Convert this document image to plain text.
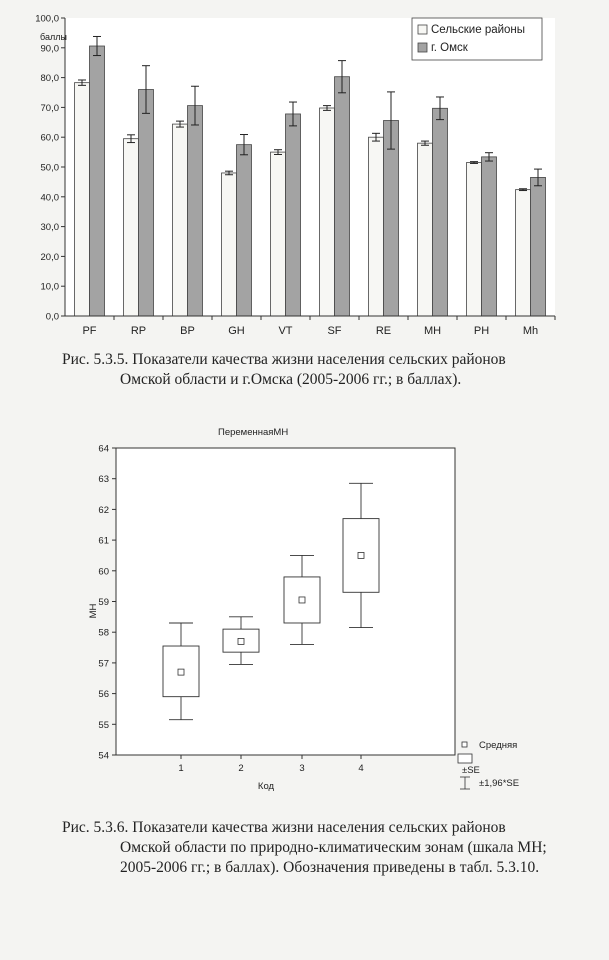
0,0
10,0
20,0
30,0
40,0
50,0
60,0
70,0
80,0
90,0
100,0
баллы
PF	RP	BP	GH	VT	SF	RE	MH	PH	Mh
Сельские районы
г. Омск
Рис. 5.3.5. Показатели качества жизни населения сельских районов
Омской области и г.Омска (2005-2006 гг.; в баллах).
ПеременнаяMH
54
55
56
57
58
59
60
61
62
63
64
1	2	3	4
MH
Код
Средняя
±SE
±1,96*SE
Рис. 5.3.6. Показатели качества жизни населения сельских районов
Омской области по природно-климатическим зонам (шкала MH;
2005-2006 гг.; в баллах). Обозначения приведены в табл. 5.3.10.
